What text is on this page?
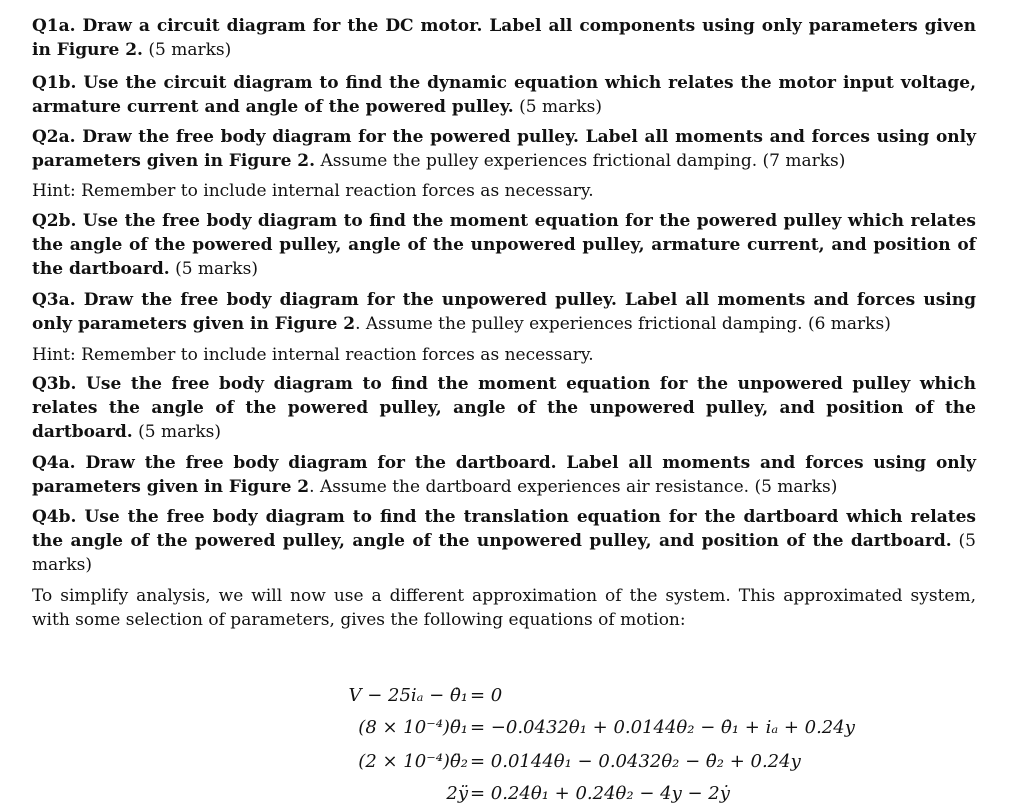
Q1a. Draw a circuit diagram for the DC motor. Label all components using only parameters given in Figure 2. (5 marks)
Q1b. Use the circuit diagram to find the dynamic equation which relates the motor input voltage, armature current and angle of the powered pulley. (5 marks)
Q2a. Draw the free body diagram for the powered pulley. Label all moments and forces using only parameters given in Figure 2. Assume the pulley experiences frictional damping. (7 marks)
Hint: Remember to include internal reaction forces as necessary.
Q2b. Use the free body diagram to find the moment equation for the powered pulley which relates the angle of the powered pulley, angle of the unpowered pulley, armature current, and position of the dartboard. (5 marks)
Q3a. Draw the free body diagram for the unpowered pulley. Label all moments and forces using only parameters given in Figure 2. Assume the pulley experiences frictional damping. (6 marks)
Hint: Remember to include internal reaction forces as necessary.
Q3b. Use the free body diagram to find the moment equation for the unpowered pulley which relates the angle of the powered pulley, angle of the unpowered pulley, and position of the dartboard. (5 marks)
Q4a. Draw the free body diagram for the dartboard. Label all moments and forces using only parameters given in Figure 2. Assume the dartboard experiences air resistance. (5 marks)
Q4b. Use the free body diagram to find the translation equation for the dartboard which relates the angle of the powered pulley, angle of the unpowered pulley, and position of the dartboard. (5 marks)
To simplify analysis, we will now use a different approximation of the system. This approximated system, with some selection of parameters, gives the following equations of motion:
V − 25iₐ − θ̇₁ = 0
(8 × 10⁻⁴)θ̈₁ = −0.0432θ₁ + 0.0144θ₂ − θ̇₁ + iₐ + 0.24y
(2 × 10⁻⁴)θ̈₂ = 0.0144θ₁ − 0.0432θ₂ − θ̇₂ + 0.24y
2ÿ = 0.24θ₁ + 0.24θ₂ − 4y − 2ẏ
